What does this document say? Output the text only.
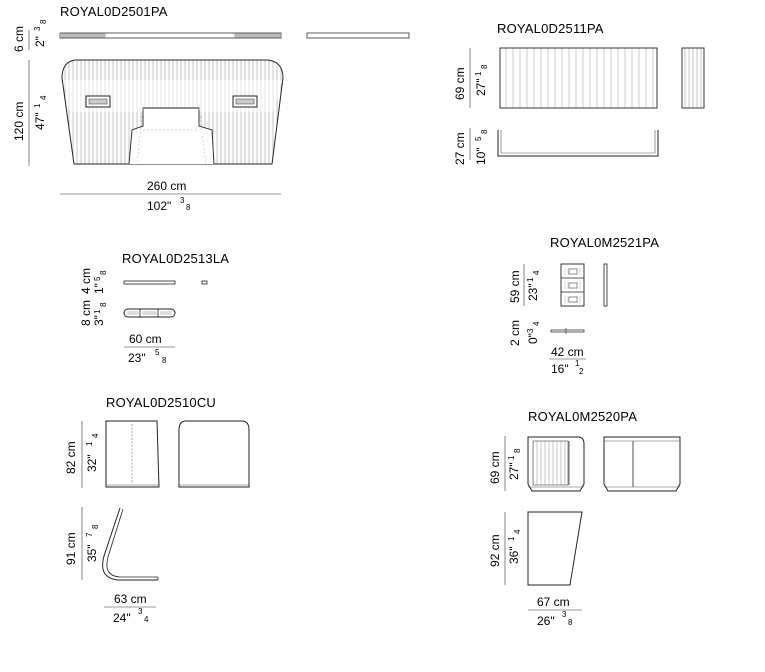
ROYAL0D2501PA
6 cm 2"
3
8
120 cm 47"
1
4
260 cm
102" 3
8
ROYAL0D2511PA
69 cm 27"
1
8
27 cm 10"
5
8
ROYAL0D2513LA
4 cm 1"
5
8
8 cm 3"
1
8
60 cm
23" 5
8
ROYAL0M2521PA
59 cm 23"
1
4
2 cm 0"
3
4
42 cm
16" 1
2
ROYAL0D2510CU
82 cm 32"
1
4
91 cm 35"
7
8
63 cm
24" 3
4
ROYAL0M2520PA
69 cm 27"
1
8
92 cm 36"
1
4
67 cm
26" 3
8
